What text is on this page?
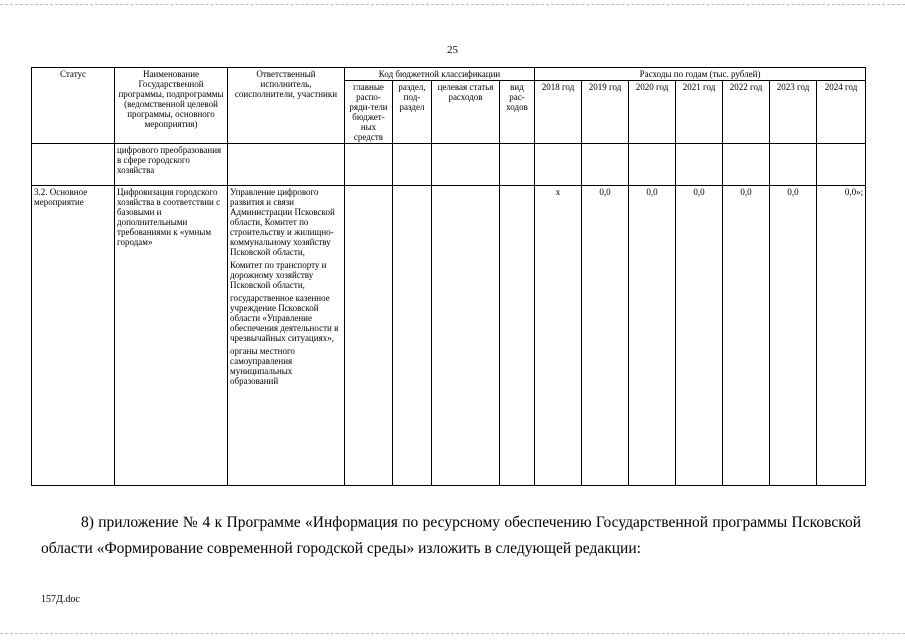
25
Статус	Наименование Государственной программы, подпрограммы (ведомственной целевой программы, основного мероприятия)	Ответственный исполнитель, соисполнители, участники	Код бюджетной классификации				Расходы по годам (тыс. рублей)						
			главные распо-ряди-тели бюджет-ных средств	раздел, под-раздел	целевая статья расходов	вид рас-ходов	2018 год	2019 год	2020 год	2021 год	2022 год	2023 год	2024 год
	цифрового преобразования в сфере городского хозяйства												
3.2. Основное мероприятие	Цифровизация городского хозяйства в соответствии с базовыми и дополнительными требованиями к «умным городам»	Управление цифрового развития и связи Администрации Псковской области, Комитет по строительству и жилищно-коммунальному хозяйству Псковской области,
Комитет по транспорту и дорожному хозяйству Псковской области,
государственное казенное учреждение Псковской области «Управление обеспечения деятельности в чрезвычайных ситуациях»,
органы местного самоуправления муниципальных образований					x	0,0	0,0	0,0	0,0	0,0	0,0»;
8) приложение № 4 к Программе «Информация по ресурсному обеспечению Государственной программы Псковской области «Формирование современной городской среды» изложить в следующей редакции:
157Д.doc
